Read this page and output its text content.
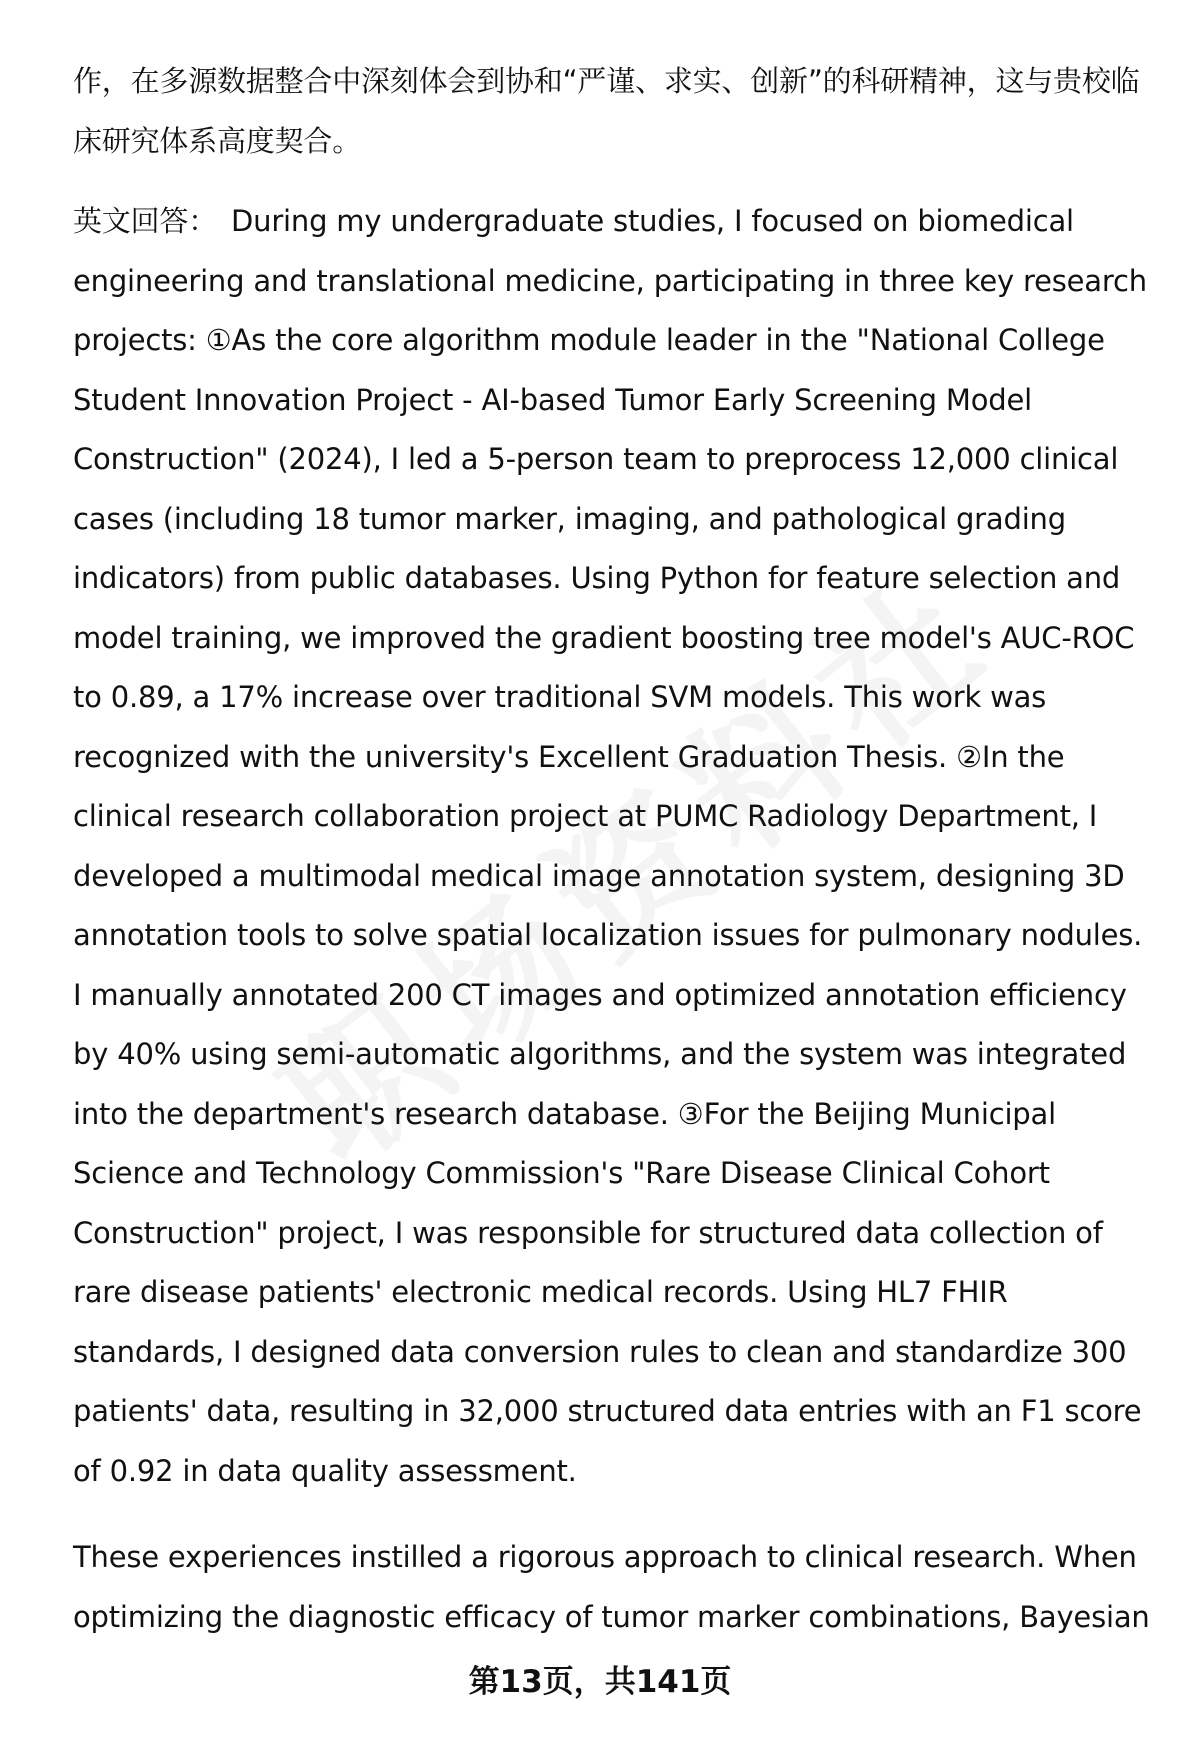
作，在多源数据整合中深刻体会到协和“严谨、求实、创新”的科研精神，这与贵校临床研究体系高度契合。

英文回答： During my undergraduate studies, I focused on biomedical engineering and translational medicine, participating in three key research projects: ①As the core algorithm module leader in the "National College Student Innovation Project - AI-based Tumor Early Screening Model Construction" (2024), I led a 5-person team to preprocess 12,000 clinical cases (including 18 tumor marker, imaging, and pathological grading indicators) from public databases. Using Python for feature selection and model training, we improved the gradient boosting tree model's AUC-ROC to 0.89, a 17% increase over traditional SVM models. This work was recognized with the university's Excellent Graduation Thesis. ②In the clinical research collaboration project at PUMC Radiology Department, I developed a multimodal medical image annotation system, designing 3D annotation tools to solve spatial localization issues for pulmonary nodules. I manually annotated 200 CT images and optimized annotation efficiency by 40% using semi-automatic algorithms, and the system was integrated into the department's research database. ③For the Beijing Municipal Science and Technology Commission's "Rare Disease Clinical Cohort Construction" project, I was responsible for structured data collection of rare disease patients' electronic medical records. Using HL7 FHIR standards, I designed data conversion rules to clean and standardize 300 patients' data, resulting in 32,000 structured data entries with an F1 score of 0.92 in data quality assessment.

These experiences instilled a rigorous approach to clinical research. When optimizing the diagnostic efficacy of tumor marker combinations, Bayesian

第13页，共141页
